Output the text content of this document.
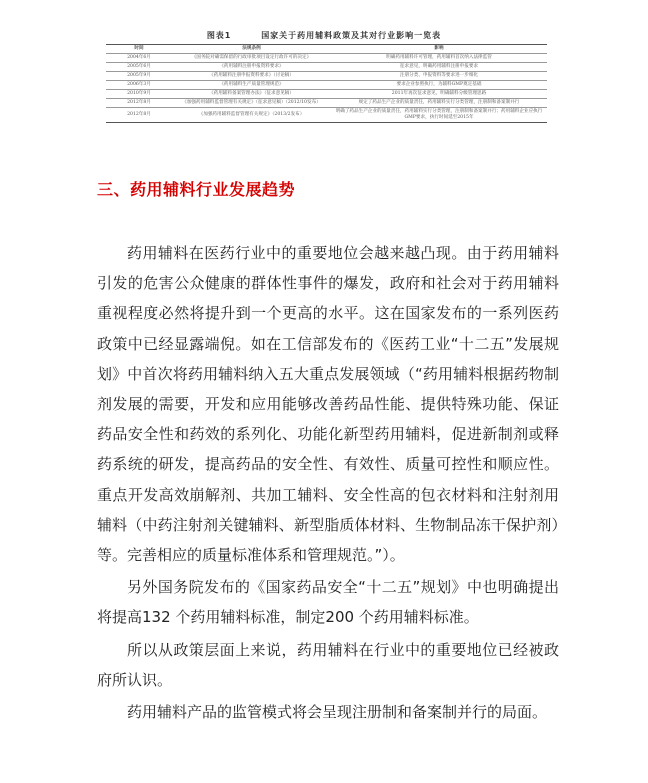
图表1	国家关于药用辅料政策及其对行业影响一览表
时间	法规条例	影响
2004年6月	《国务院对确需保留的行政审批项目设定行政许可的决定》	明确药用辅料许可管理，药用辅料首次纳入法律监管
2005年6月	《药用辅料注册申报资料要求》	征求意见，明确药用辅料注册申报要求
2005年9月	《药用辅料注册申报资料要求》（讨论稿）	注册分类、申报资料等要求进一步细化
2006年3月	《药用辅料生产质量管理规范》	要求企业参照执行，为辅料GMP奠定基础
2010年9月	《药用辅料备案管理办法》（征求意见稿）	2011年再次征求意见，明确辅料分级管理思路
2012年8月	《加强药用辅料监督管理有关规定》（征求意见稿）（2012/10发布）	规定了药品生产企业的质量责任，药用辅料实行分类管理，注册制和备案制并行
2012年8月	《加强药用辅料监督管理有关规定》（2013/2发布）	明确了药品生产企业的质量责任，药用辅料实行分类管理，注册制和备案制并行；药用辅料企业应执行GMP要求，执行时间延至2015年
三、药用辅料行业发展趋势

药用辅料在医药行业中的重要地位会越来越凸现。由于药用辅料引发的危害公众健康的群体性事件的爆发，政府和社会对于药用辅料重视程度必然将提升到一个更高的水平。这在国家发布的一系列医药政策中已经显露端倪。如在工信部发布的《医药工业“十二五”发展规划》中首次将药用辅料纳入五大重点发展领域（“药用辅料根据药物制剂发展的需要，开发和应用能够改善药品性能、提供特殊功能、保证药品安全性和药效的系列化、功能化新型药用辅料，促进新制剂或释药系统的研发，提高药品的安全性、有效性、质量可控性和顺应性。重点开发高效崩解剂、共加工辅料、安全性高的包衣材料和注射剂用辅料（中药注射剂关键辅料、新型脂质体材料、生物制品冻干保护剂）等。完善相应的质量标准体系和管理规范。”）。

另外国务院发布的《国家药品安全“十二五”规划》中也明确提出将提高132 个药用辅料标准，制定200 个药用辅料标准。

所以从政策层面上来说，药用辅料在行业中的重要地位已经被政府所认识。

药用辅料产品的监管模式将会呈现注册制和备案制并行的局面。
